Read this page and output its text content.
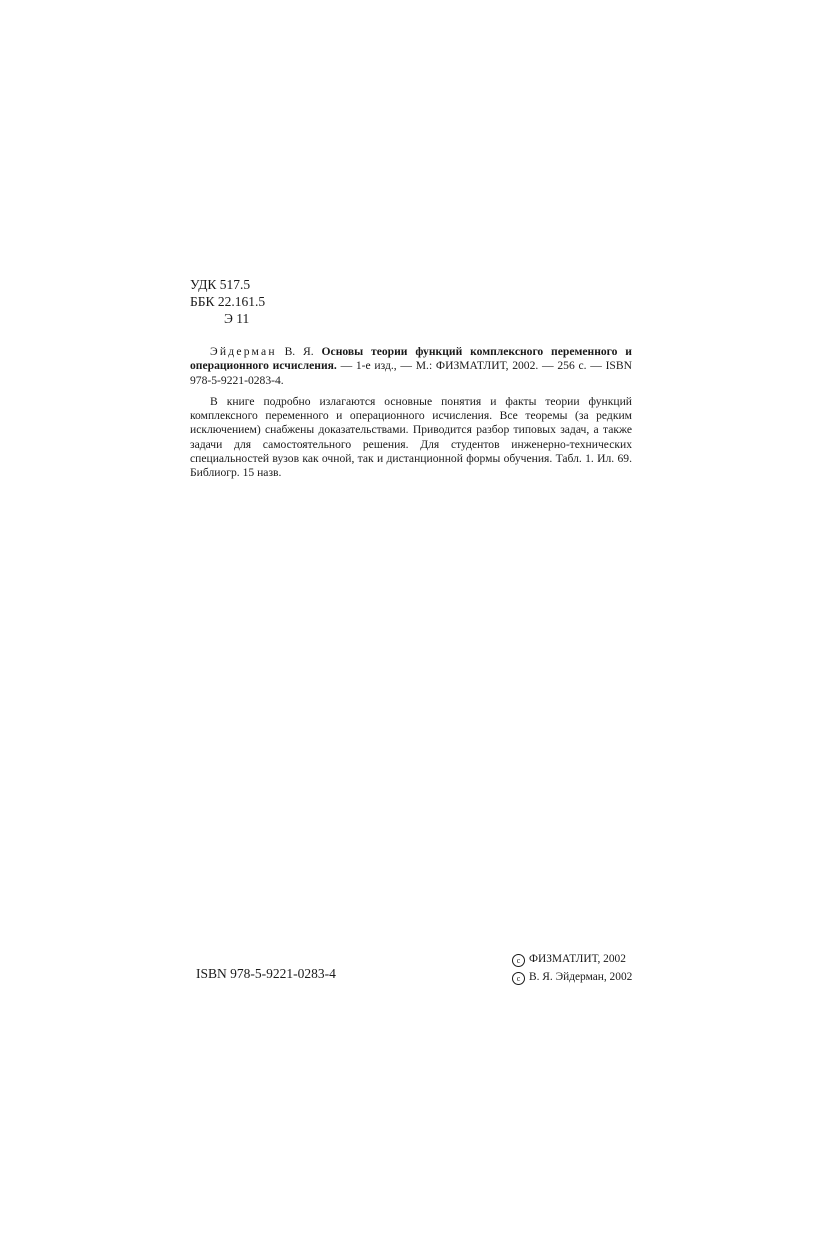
УДК 517.5
ББК 22.161.5
Э 11

Эйдерман В. Я. Основы теории функций комплексного переменного и операционного исчисления. — 1-е изд., — М.: ФИЗМАТЛИТ, 2002. — 256 с. — ISBN 978-5-9221-0283-4.

В книге подробно излагаются основные понятия и факты теории функций комплексного переменного и операционного исчисления. Все теоремы (за редким исключением) снабжены доказательствами. Приводится разбор типовых задач, а также задачи для самостоятельного решения. Для студентов инженерно-технических специальностей вузов как очной, так и дистанционной формы обучения. Табл. 1. Ил. 69. Библиогр. 15 назв.

ISBN 978-5-9221-0283-4
c ФИЗМАТЛИТ, 2002
c В. Я. Эйдерман, 2002
